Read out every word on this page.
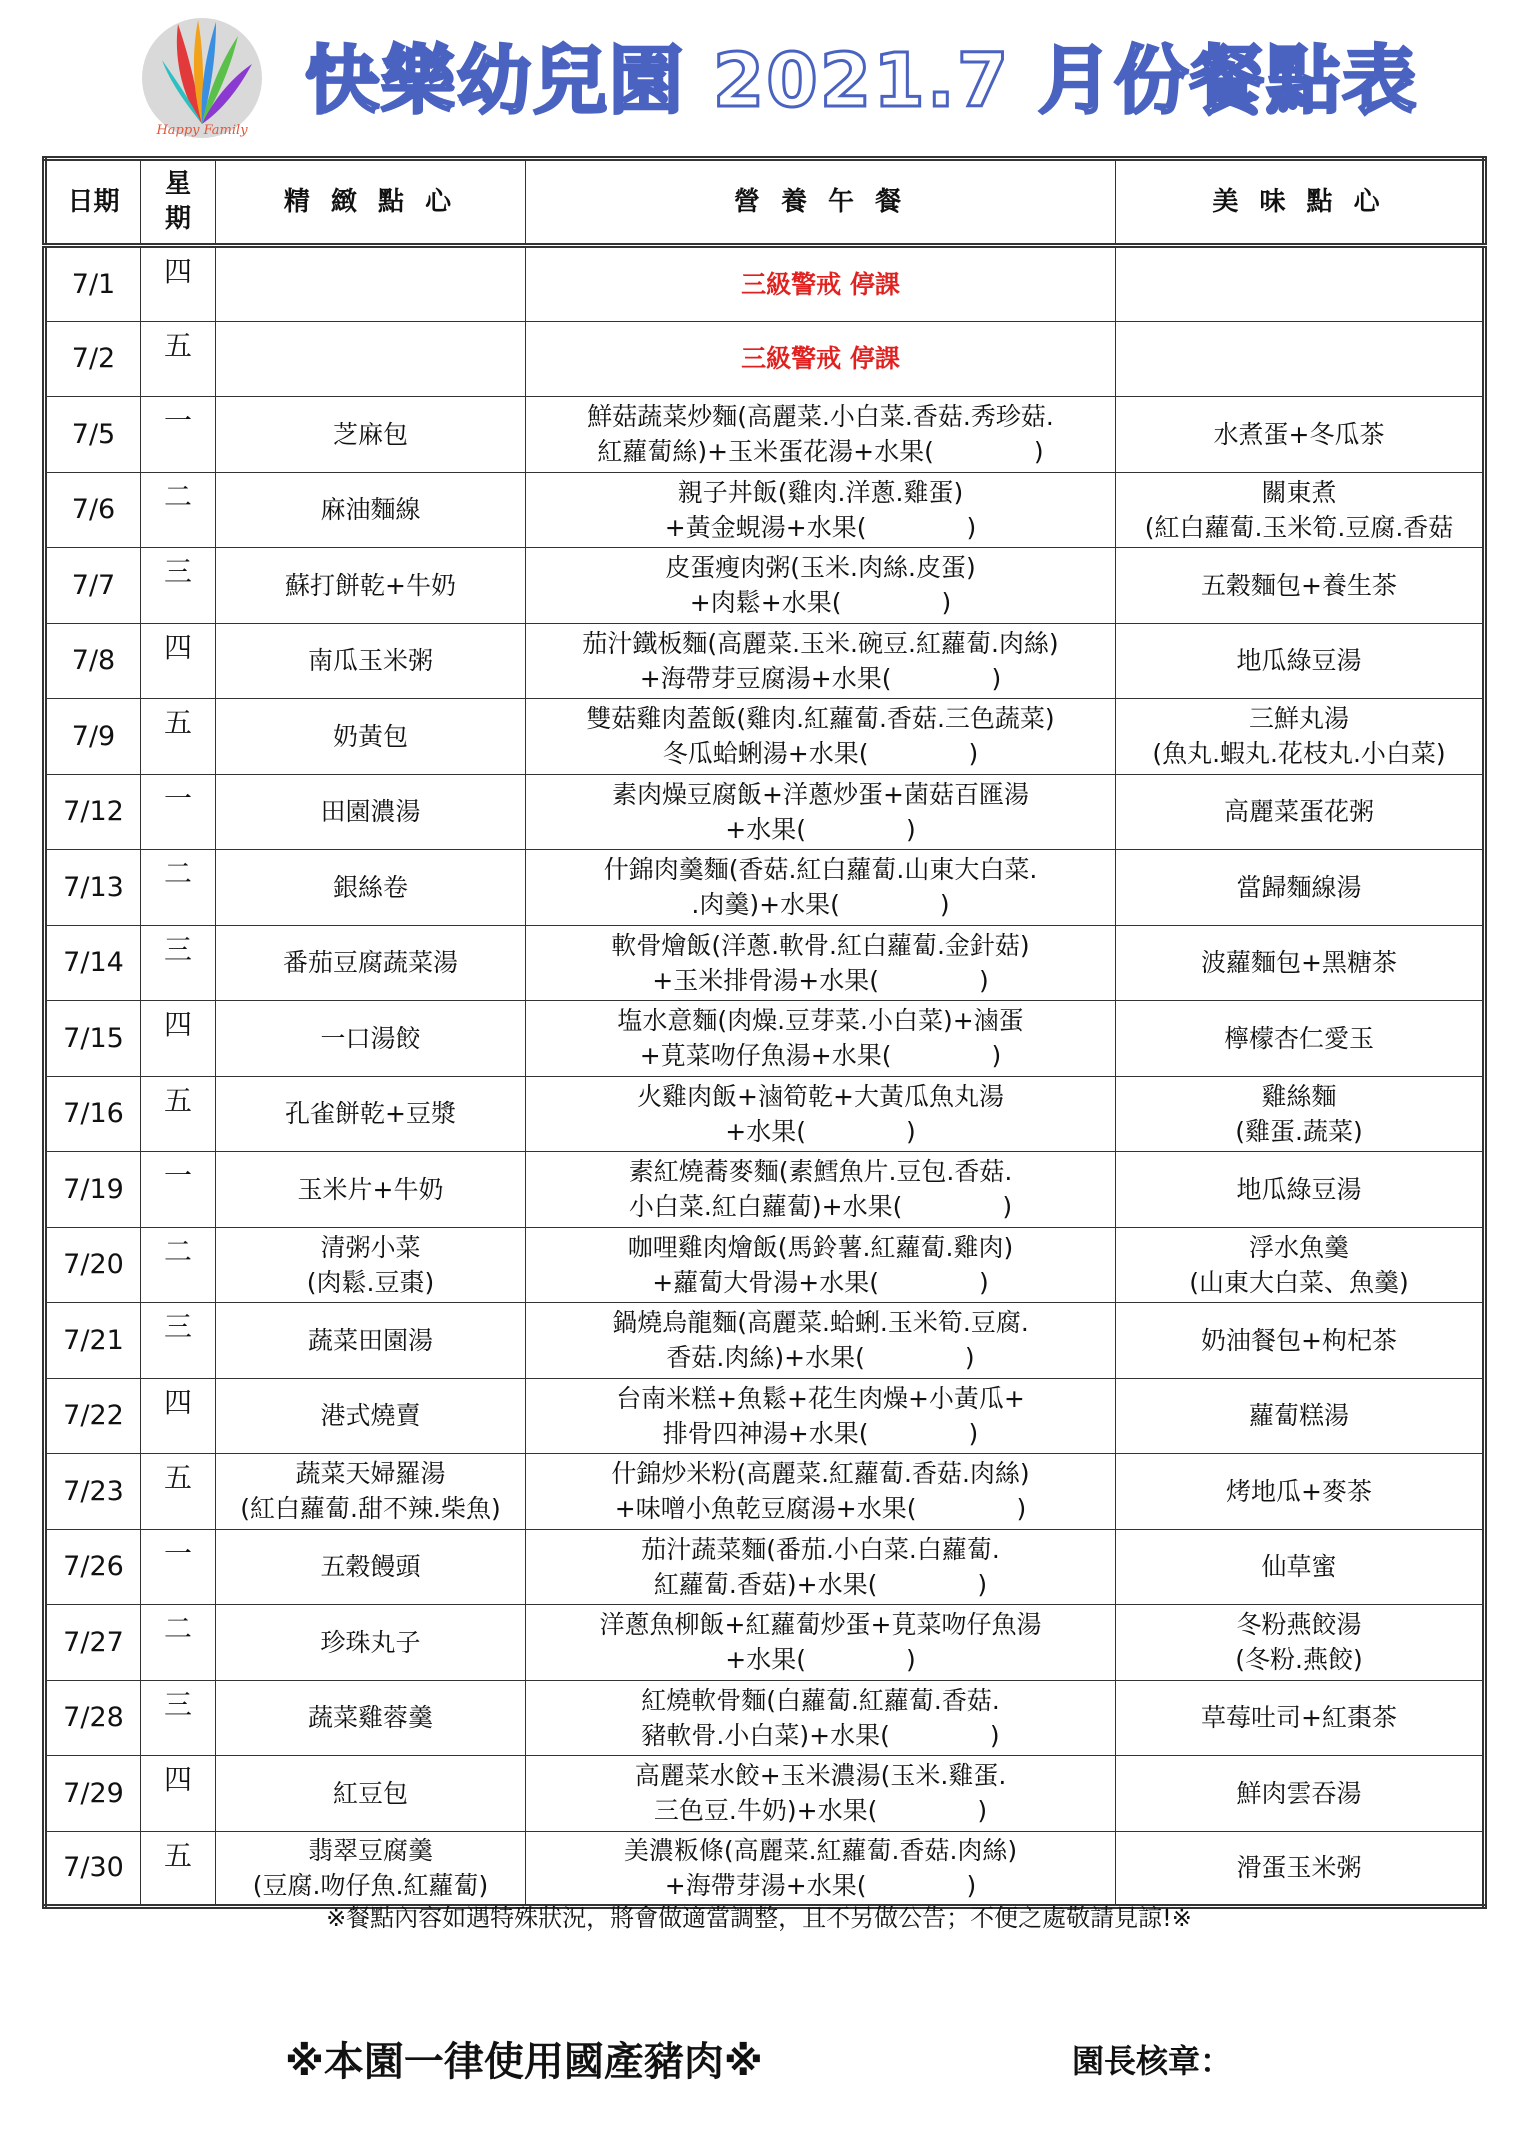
Happy Family
快樂幼兒園 2021.7 月份餐點表
日期	星
期	精 緻 點 心	營 養 午 餐	美 味 點 心

7/1	四		三級警戒 停課	

7/2	五		三級警戒 停課	

7/5	一	芝麻包	鮮菇蔬菜炒麵(高麗菜.小白菜.香菇.秀珍菇.
紅蘿蔔絲)+玉米蛋花湯+水果(　　　　)	水煮蛋+冬瓜茶

7/6	二	麻油麵線	親子丼飯(雞肉.洋蔥.雞蛋)
+黃金蜆湯+水果(　　　　)	關東煮
(紅白蘿蔔.玉米筍.豆腐.香菇

7/7	三	蘇打餅乾+牛奶	皮蛋瘦肉粥(玉米.肉絲.皮蛋)
+肉鬆+水果(　　　　)	五穀麵包+養生茶

7/8	四	南瓜玉米粥	茄汁鐵板麵(高麗菜.玉米.碗豆.紅蘿蔔.肉絲)
+海帶芽豆腐湯+水果(　　　　)	地瓜綠豆湯

7/9	五	奶黃包	雙菇雞肉蓋飯(雞肉.紅蘿蔔.香菇.三色蔬菜)
冬瓜蛤蜊湯+水果(　　　　)	三鮮丸湯
(魚丸.蝦丸.花枝丸.小白菜)

7/12	一	田園濃湯	素肉燥豆腐飯+洋蔥炒蛋+菌菇百匯湯
+水果(　　　　)	高麗菜蛋花粥

7/13	二	銀絲卷	什錦肉羹麵(香菇.紅白蘿蔔.山東大白菜.
.肉羹)+水果(　　　　)	當歸麵線湯

7/14	三	番茄豆腐蔬菜湯	軟骨燴飯(洋蔥.軟骨.紅白蘿蔔.金針菇)
+玉米排骨湯+水果(　　　　)	波蘿麵包+黑糖茶

7/15	四	一口湯餃	塩水意麵(肉燥.豆芽菜.小白菜)+滷蛋
+莧菜吻仔魚湯+水果(　　　　)	檸檬杏仁愛玉

7/16	五	孔雀餅乾+豆漿	火雞肉飯+滷筍乾+大黃瓜魚丸湯
+水果(　　　　)	雞絲麵
(雞蛋.蔬菜)

7/19	一	玉米片+牛奶	素紅燒蕎麥麵(素鱈魚片.豆包.香菇.
小白菜.紅白蘿蔔)+水果(　　　　)	地瓜綠豆湯

7/20	二	清粥小菜
(肉鬆.豆棗)	咖哩雞肉燴飯(馬鈴薯.紅蘿蔔.雞肉)
+蘿蔔大骨湯+水果(　　　　)	浮水魚羹
(山東大白菜、魚羹)

7/21	三	蔬菜田園湯	鍋燒烏龍麵(高麗菜.蛤蜊.玉米筍.豆腐.
香菇.肉絲)+水果(　　　　)	奶油餐包+枸杞茶

7/22	四	港式燒賣	台南米糕+魚鬆+花生肉燥+小黃瓜+
排骨四神湯+水果(　　　　)	蘿蔔糕湯

7/23	五	蔬菜天婦羅湯
(紅白蘿蔔.甜不辣.柴魚)	什錦炒米粉(高麗菜.紅蘿蔔.香菇.肉絲)
+味噌小魚乾豆腐湯+水果(　　　　)	烤地瓜+麥茶

7/26	一	五穀饅頭	茄汁蔬菜麵(番茄.小白菜.白蘿蔔.
紅蘿蔔.香菇)+水果(　　　　)	仙草蜜

7/27	二	珍珠丸子	洋蔥魚柳飯+紅蘿蔔炒蛋+莧菜吻仔魚湯
+水果(　　　　)	冬粉燕餃湯
(冬粉.燕餃)

7/28	三	蔬菜雞蓉羹	紅燒軟骨麵(白蘿蔔.紅蘿蔔.香菇.
豬軟骨.小白菜)+水果(　　　　)	草莓吐司+紅棗茶

7/29	四	紅豆包	高麗菜水餃+玉米濃湯(玉米.雞蛋.
三色豆.牛奶)+水果(　　　　)	鮮肉雲吞湯

7/30	五	翡翠豆腐羹
(豆腐.吻仔魚.紅蘿蔔)	美濃粄條(高麗菜.紅蘿蔔.香菇.肉絲)
+海帶芽湯+水果(　　　　)	滑蛋玉米粥
※餐點內容如遇特殊狀況，將會做適當調整，且不另做公告；不便之處敬請見諒!※
※本園一律使用國產豬肉※	園長核章：
